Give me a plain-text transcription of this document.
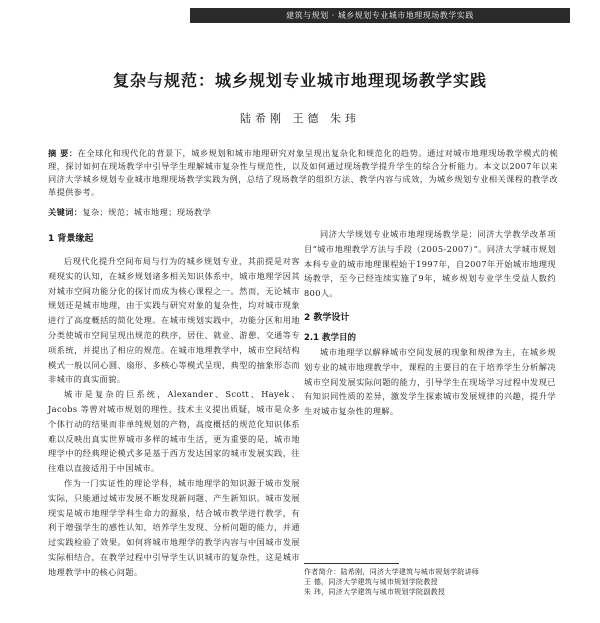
建筑与规划 · 城乡规划专业城市地理现场教学实践
复杂与规范：城乡规划专业城市地理现场教学实践
陆希刚 王德 朱玮

摘 要：在全球化和现代化的背景下，城乡规划和城市地理研究对象呈现出复杂化和规范化的趋势。通过对城市地理现场教学模式的梳理，探讨如何在现场教学中引导学生理解城市复杂性与规范性，以及如何通过现场教学提升学生的综合分析能力。本文以2007年以来同济大学城乡规划专业城市地理现场教学实践为例，总结了现场教学的组织方法、教学内容与成效，为城乡规划专业相关课程的教学改革提供参考。

关键词：复杂；规范；城市地理；现场教学

1 背景缘起

后现代化提升空间布局与行为的城乡规划专业，其前提是对客观现实的认知，在城乡规划诸多相关知识体系中，城市地理学因其对城市空间功能分化的探讨而成为核心课程之一。然而，无论城市规划还是城市地理，由于实践与研究对象的复杂性，均对城市现象进行了高度概括的简化处理。在城市规划实践中，功能分区和用地分类使城市空间呈现出规范的秩序，居住、就业、游憩、交通等专项系统，并提出了相应的规范。在城市地理教学中，城市空间结构模式一般以同心圆、扇形、多核心等模式呈现，典型的抽象形态而非城市的真实面貌。

城市是复杂的巨系统，Alexander、Scott、Hayek、Jacobs 等曾对城市规划的理性、技术主义提出质疑，城市是众多个体行动的结果而非单纯规划的产物，高度概括的规范化知识体系难以反映出真实世界城市多样的城市生活，更为重要的是，城市地理学中的经典理论模式多是基于西方发达国家的城市发展实践，往往难以直接适用于中国城市。

作为一门实证性的理论学科，城市地理学的知识源于城市发展实际，只能通过城市发展不断发现新问题、产生新知识。城市发展现实是城市地理学学科生命力的源泉，结合城市教学进行教学，有利于增强学生的感性认知，培养学生发现、分析问题的能力，并通过实践检验了效果。如何将城市地理学的教学内容与中国城市发展实际相结合，在教学过程中引导学生认识城市的复杂性，这是城市地理教学中的核心问题。

同济大学规划专业城市地理现场教学是：同济大学教学改革项目“城市地理教学方法与手段（2005-2007）”。同济大学城市规划本科专业的城市地理课程始于1997年，自2007年开始城市地理现场教学，至今已经连续实施了9年，城乡规划专业学生受益人数约800人。

2 教学设计
2.1 教学目的

城市地理学以解释城市空间发展的现象和规律为主，在城乡规划专业的城市地理教学中，课程的主要目的在于培养学生分析解决城市空间发展实际问题的能力，引导学生在现场学习过程中发现已有知识同性质的差异，激发学生探索城市发展规律的兴趣，提升学生对城市复杂性的理解。

作者简介：陆希刚，同济大学建筑与城市规划学院讲师
王 德，同济大学建筑与城市规划学院教授
朱 玮，同济大学建筑与城市规划学院副教授
